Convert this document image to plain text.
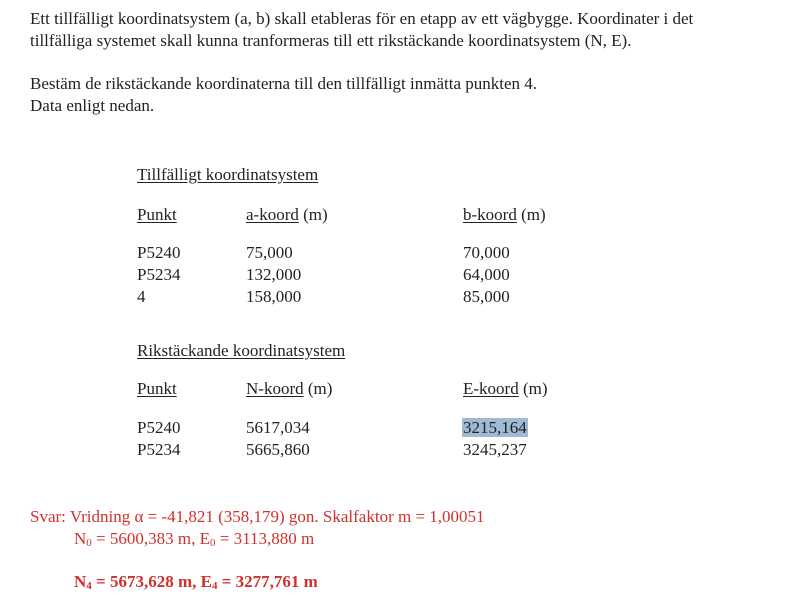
Ett tillfälligt koordinatsystem (a, b) skall etableras för en etapp av ett vägbygge. Koordinater i det
tillfälliga systemet skall kunna tranformeras till ett rikstäckande koordinatsystem (N, E).
Bestäm de rikstäckande koordinaterna till den tillfälligt inmätta punkten 4.
Data enligt nedan.
Tillfälligt koordinatsystem
Punkt	a-koord (m)	b-koord (m)
P5240	75,000	70,000
P5234	132,000	64,000
4	158,000	85,000
Rikstäckande koordinatsystem
Punkt	N-koord (m)	E-koord (m)
P5240	5617,034	3215,164
P5234	5665,860	3245,237
Svar: Vridning α = -41,821 (358,179) gon. Skalfaktor m = 1,00051
$N_0 = 5600,383$ m, $E_0 = 3113,880$ m
$N_4 = 5673,628$ m, $E_4 = 3277,761$ m
